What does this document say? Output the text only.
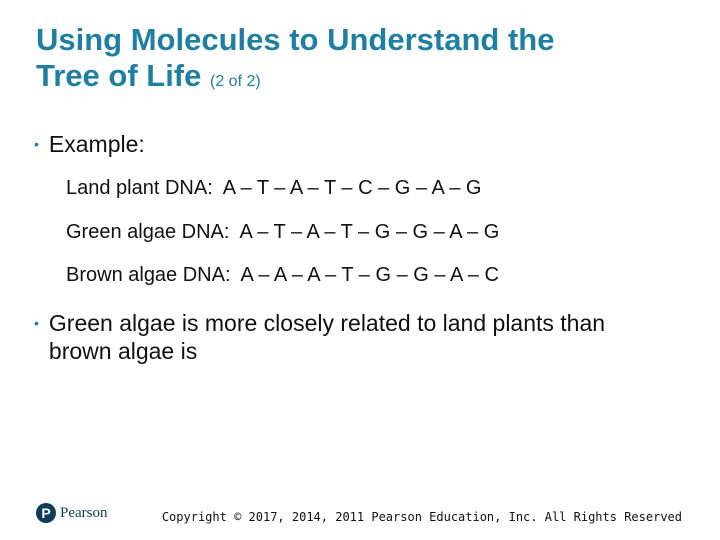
Using Molecules to Understand the
Tree of Life (2 of 2)
• Example:
Land plant DNA: A – T – A – T – C – G – A – G
Green algae DNA: A – T – A – T – G – G – A – G
Brown algae DNA: A – A – A – T – G – G – A – C
• Green algae is more closely related to land plants than brown algae is
P Pearson	Copyright © 2017, 2014, 2011 Pearson Education, Inc. All Rights Reserved
